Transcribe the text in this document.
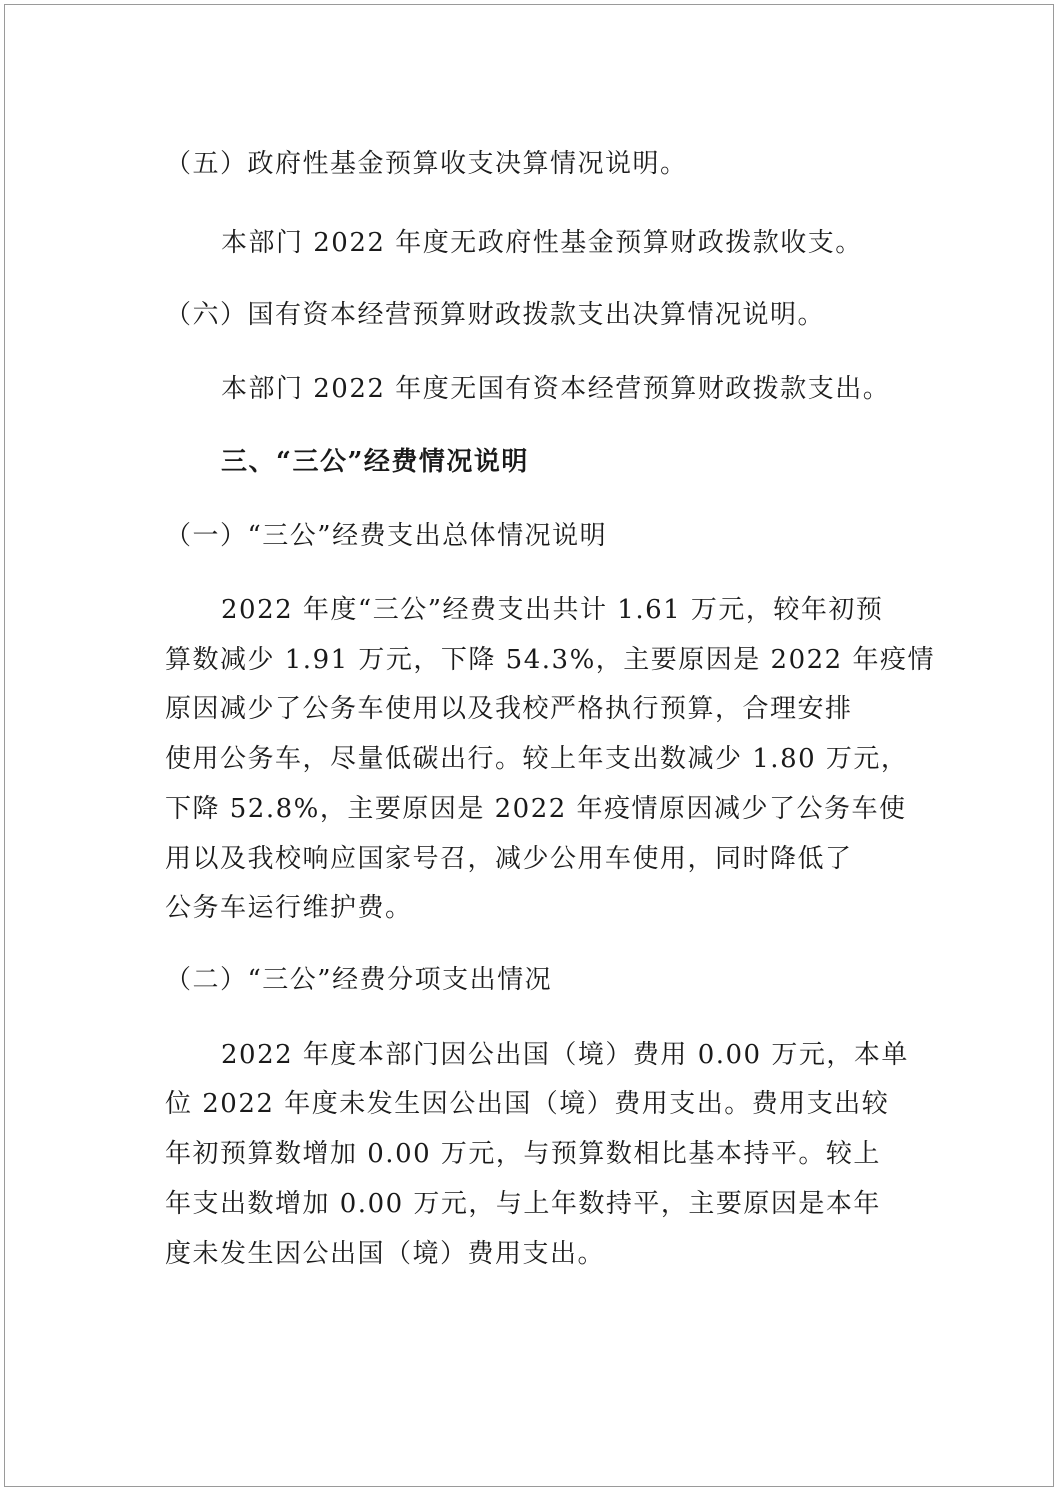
（五）政府性基金预算收支决算情况说明。
本部门 2022 年度无政府性基金预算财政拨款收支。
（六）国有资本经营预算财政拨款支出决算情况说明。
本部门 2022 年度无国有资本经营预算财政拨款支出。
三、“三公”经费情况说明
（一）“三公”经费支出总体情况说明
2022 年度“三公”经费支出共计 1.61 万元，较年初预
算数减少 1.91 万元，下降 54.3%，主要原因是 2022 年疫情
原因减少了公务车使用以及我校严格执行预算，合理安排
使用公务车，尽量低碳出行。较上年支出数减少 1.80 万元，
下降 52.8%，主要原因是 2022 年疫情原因减少了公务车使
用以及我校响应国家号召，减少公用车使用，同时降低了
公务车运行维护费。
（二）“三公”经费分项支出情况
2022 年度本部门因公出国（境）费用 0.00 万元，本单
位 2022 年度未发生因公出国（境）费用支出。费用支出较
年初预算数增加 0.00 万元，与预算数相比基本持平。较上
年支出数增加 0.00 万元，与上年数持平，主要原因是本年
度未发生因公出国（境）费用支出。
